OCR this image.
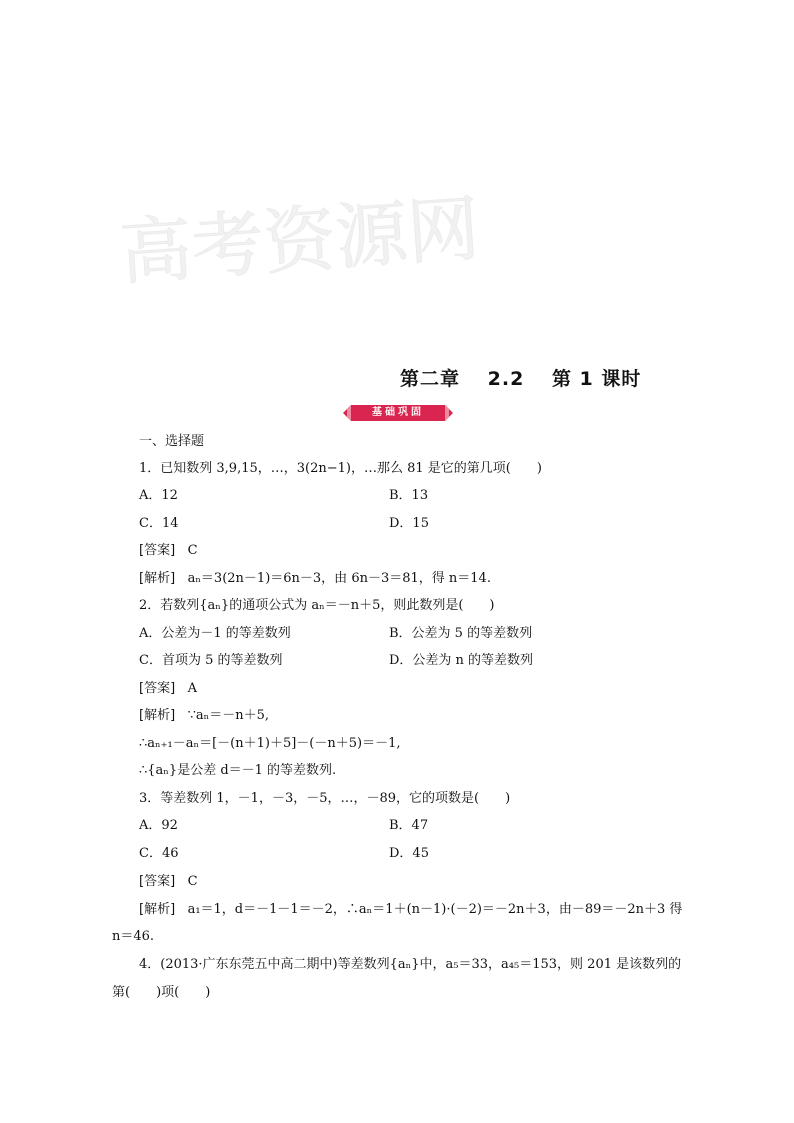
高考资源网
第二章 2.2 第 1 课时
基础巩固
一、选择题
1．已知数列 3,9,15，…，3(2n−1)，…那么 81 是它的第几项(　　)
A．12	B．13
C．14	D．15
[答案] C
[解析] aₙ＝3(2n－1)＝6n－3，由 6n－3＝81，得 n＝14.
2．若数列{aₙ}的通项公式为 aₙ＝－n＋5，则此数列是(　　)
A．公差为－1 的等差数列	B．公差为 5 的等差数列
C．首项为 5 的等差数列	D．公差为 n 的等差数列
[答案] A
[解析] ∵aₙ＝－n＋5,
∴aₙ₊₁－aₙ＝[－(n＋1)＋5]－(－n＋5)＝－1,
∴{aₙ}是公差 d＝－1 的等差数列.
3．等差数列 1，－1，－3，－5，…，－89，它的项数是(　　)
A．92	B．47
C．46	D．45
[答案] C
[解析] a₁＝1，d＝－1－1＝－2，∴aₙ＝1＋(n－1)·(－2)＝－2n＋3，由－89＝－2n＋3 得
n＝46.
4．(2013·广东东莞五中高二期中)等差数列{aₙ}中，a₅＝33，a₄₅＝153，则 201 是该数列的
第(　　)项(　　)
